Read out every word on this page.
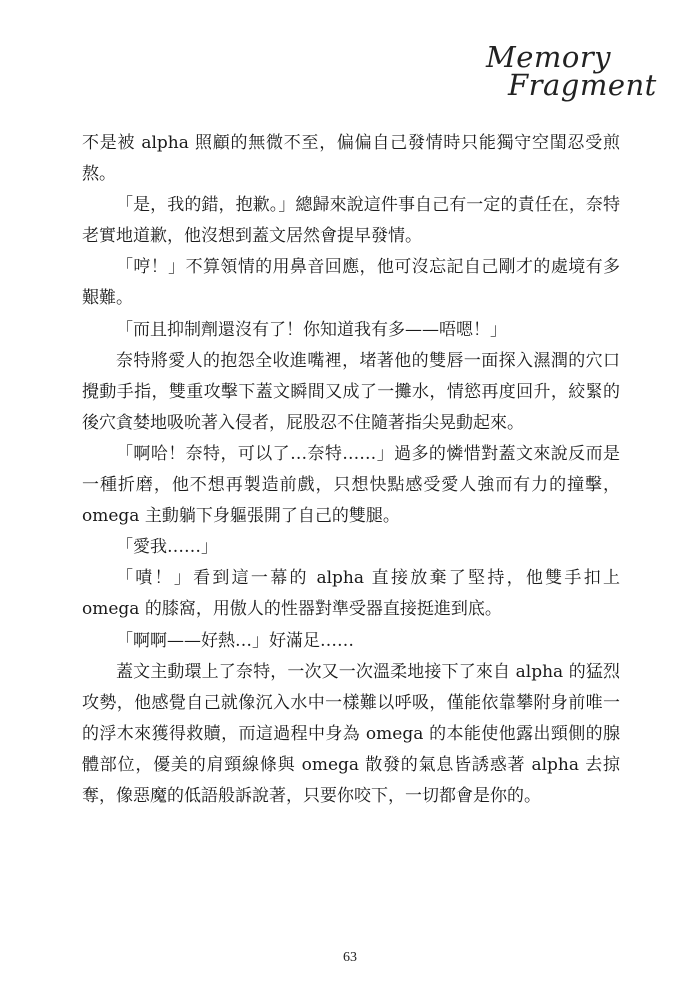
Memory
Fragment

不是被 alpha 照顧的無微不至，偏偏自己發情時只能獨守空閨忍受煎熬。

「是，我的錯，抱歉。」總歸來說這件事自己有一定的責任在，奈特老實地道歉，他沒想到蓋文居然會提早發情。

「哼！」不算領情的用鼻音回應，他可沒忘記自己剛才的處境有多艱難。

「而且抑制劑還沒有了！你知道我有多——唔嗯！」

奈特將愛人的抱怨全收進嘴裡，堵著他的雙唇一面探入濕潤的穴口攪動手指，雙重攻擊下蓋文瞬間又成了一攤水，情慾再度回升，絞緊的後穴貪婪地吸吮著入侵者，屁股忍不住隨著指尖晃動起來。

「啊哈！奈特，可以了…奈特……」過多的憐惜對蓋文來說反而是一種折磨，他不想再製造前戲，只想快點感受愛人強而有力的撞擊，omega 主動躺下身軀張開了自己的雙腿。

「愛我……」

「嘖！」看到這一幕的 alpha 直接放棄了堅持，他雙手扣上 omega 的膝窩，用傲人的性器對準受器直接挺進到底。

「啊啊——好熱…」好滿足……

蓋文主動環上了奈特，一次又一次溫柔地接下了來自 alpha 的猛烈攻勢，他感覺自己就像沉入水中一樣難以呼吸，僅能依靠攀附身前唯一的浮木來獲得救贖，而這過程中身為 omega 的本能使他露出頸側的腺體部位，優美的肩頸線條與 omega 散發的氣息皆誘惑著 alpha 去掠奪，像惡魔的低語般訴說著，只要你咬下，一切都會是你的。

63
